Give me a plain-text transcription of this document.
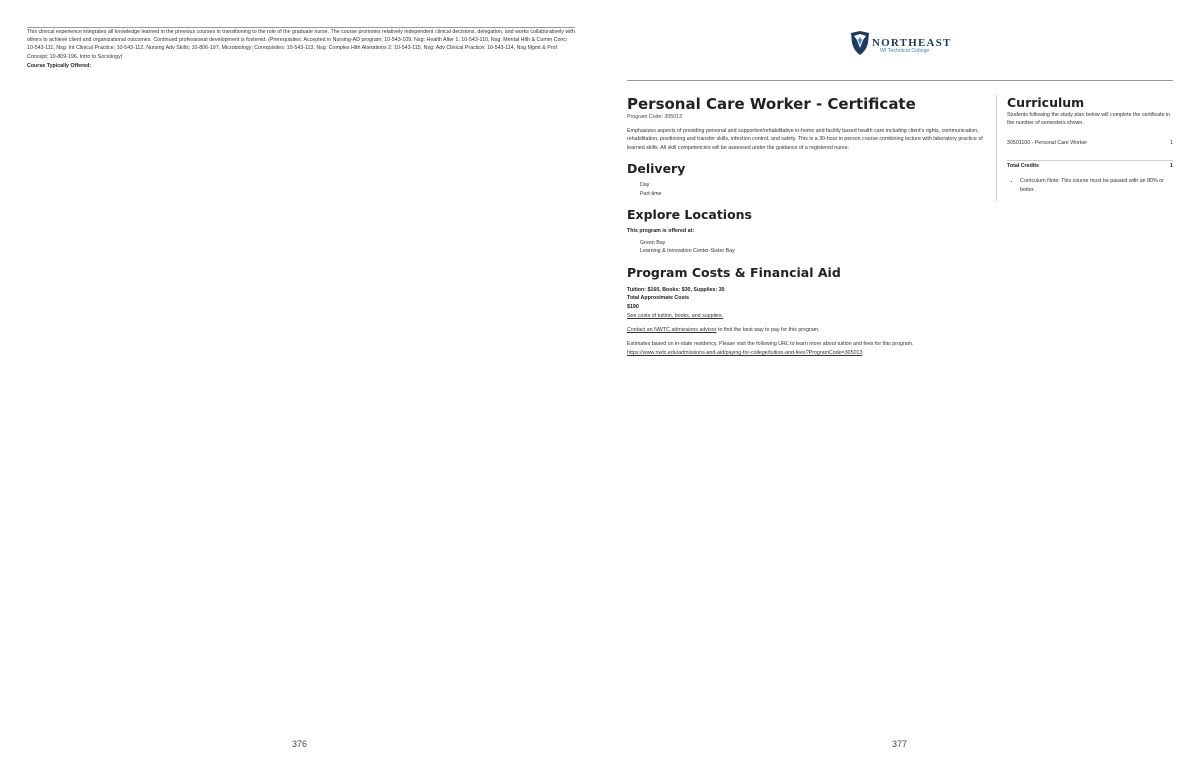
This clinical experience integrates all knowledge learned in the previous courses in transitioning to the role of the graduate nurse. The course promotes relatively independent clinical decisions, delegation, and works collaboratively with others to achieve client and organizational outcomes. Continued professional development is fostered. (Prerequisites: Accepted in Nursing-AD program; 10-543-109, Nsg: Health Alter 1; 10-543-110, Nsg: Mental Hlth & Comm Conc; 10-543-111, Nsg: Int Clinical Practice; 10-543-112, Nursing Adv Skills; 10-806-197, Microbiology; Corequisites: 10-543-113, Nsg: Complex Hlth Alterations 2; 10-543-115, Nsg: Adv Clinical Practice; 10-543-114, Nsg Mgmt & Prof Concept; 10-809-196, Intro to Sociology)
Course Typically Offered:
376
NORTHEAST
WI Technical College
Personal Care Worker - Certificate
Program Code: 305013
Emphasizes aspects of providing personal and supportive/rehabilitative in-home and facility based health care including client's rights, communication, rehabilitation, positioning and transfer skills, infection control, and safety. This is a 30-hour in person course combining lecture with laboratory practice of learned skills. All skill competencies will be assessed under the guidance of a registered nurse.
Delivery
Day
Part-time
Explore Locations
This program is offered at:
Green Bay
Learning & Innovation Center-Sister Bay
Program Costs & Financial Aid
Tuition: $160, Books: $30, Supplies: 30
Total Approximate Costs
$190
See costs of tuition, books, and supplies.
Contact an NWTC admissions advisor to find the best way to pay for this program.
Estimates based on in-state residency. Please visit the following URL to learn more about tuition and fees for this program.
https://www.nwtc.edu/admissions-and-aid/paying-for-college/tuition-and-fees?ProgramCode=305013
Curriculum
Students following the study plan below will complete the certificate in the number of semesters shown.
30501100 - Personal Care Worker	1
Total Credits	1
• Curriculum Note: This course must be passed with an 80% or better.
377
